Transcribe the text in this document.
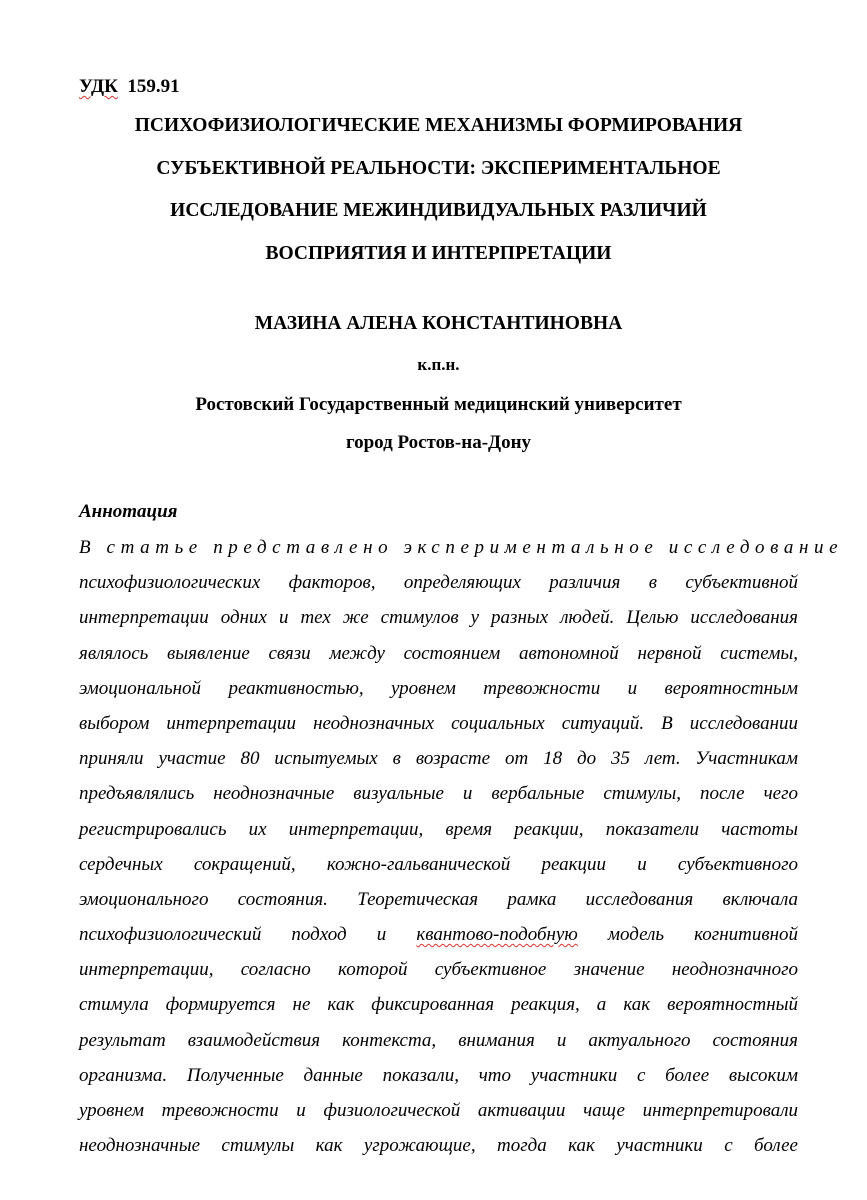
УДК 159.91
ПСИХОФИЗИОЛОГИЧЕСКИЕ МЕХАНИЗМЫ ФОРМИРОВАНИЯ
СУБЪЕКТИВНОЙ РЕАЛЬНОСТИ: ЭКСПЕРИМЕНТАЛЬНОЕ
ИССЛЕДОВАНИЕ МЕЖИНДИВИДУАЛЬНЫХ РАЗЛИЧИЙ
ВОСПРИЯТИЯ И ИНТЕРПРЕТАЦИИ
МАЗИНА АЛЕНА КОНСТАНТИНОВНА
к.п.н.
Ростовский Государственный медицинский университет
город Ростов-на-Дону
Аннотация
В статье представлено экспериментальное исследование
психофизиологических факторов, определяющих различия в субъективной
интерпретации одних и тех же стимулов у разных людей. Целью исследования
являлось выявление связи между состоянием автономной нервной системы,
эмоциональной реактивностью, уровнем тревожности и вероятностным
выбором интерпретации неоднозначных социальных ситуаций. В исследовании
приняли участие 80 испытуемых в возрасте от 18 до 35 лет. Участникам
предъявлялись неоднозначные визуальные и вербальные стимулы, после чего
регистрировались их интерпретации, время реакции, показатели частоты
сердечных сокращений, кожно-гальванической реакции и субъективного
эмоционального состояния. Теоретическая рамка исследования включала
психофизиологический подход и квантово-подобную модель когнитивной
интерпретации, согласно которой субъективное значение неоднозначного
стимула формируется не как фиксированная реакция, а как вероятностный
результат взаимодействия контекста, внимания и актуального состояния
организма. Полученные данные показали, что участники с более высоким
уровнем тревожности и физиологической активации чаще интерпретировали
неоднозначные стимулы как угрожающие, тогда как участники с более
